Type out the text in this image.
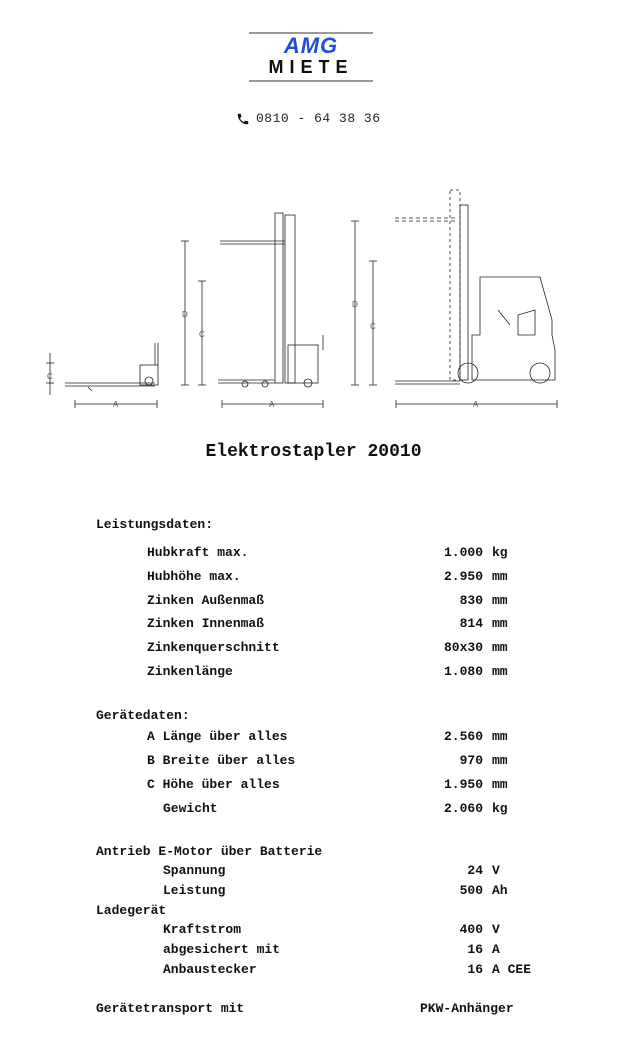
AMG
MIETE
0810 - 64 38 36
C
A
D
C
A
D
C
A
Elektrostapler 20010
Leistungsdaten:
Hubkraft max.	1.000 kg
Hubhöhe max.	2.950 mm
Zinken Außenmaß	830 mm
Zinken Innenmaß	814 mm
Zinkenquerschnitt	80x30 mm
Zinkenlänge	1.080 mm
Gerätedaten:
A Länge über alles	2.560 mm
B Breite über alles	970 mm
C Höhe über alles	1.950 mm
Gewicht	2.060 kg
Antrieb E-Motor über Batterie
Spannung	24 V
Leistung	500 Ah
Ladegerät
Kraftstrom	400 V
abgesichert mit	16 A
Anbaustecker	16 A CEE
Gerätetransport mit	PKW-Anhänger
